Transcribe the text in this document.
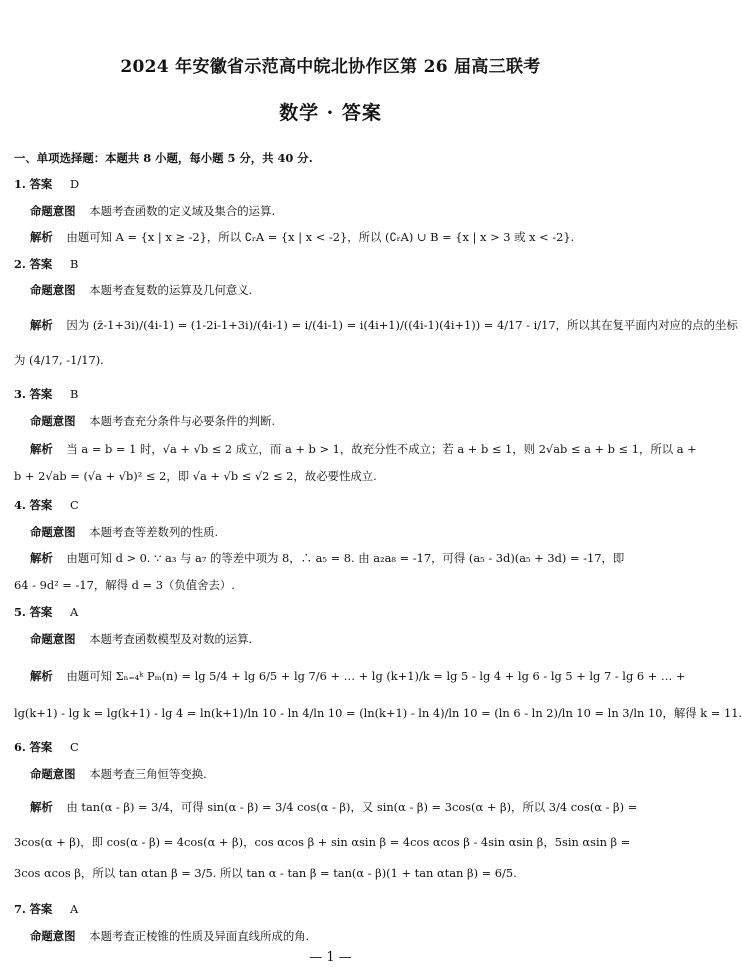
2024 年安徽省示范高中皖北协作区第 26 届高三联考
数学 · 答案
一、单项选择题：本题共 8 小题，每小题 5 分，共 40 分.
1. 答案 D
命题意图 本题考查函数的定义域及集合的运算.
解析 由题可知 A = {x | x ≥ -2}，所以 ∁ᵣA = {x | x < -2}，所以 (∁ᵣA) ∪ B = {x | x > 3 或 x < -2}.
2. 答案 B
命题意图 本题考查复数的运算及几何意义.
解析 因为 (z̄-1+3i)/(4i-1) = (1-2i-1+3i)/(4i-1) = i/(4i-1) = i(4i+1)/((4i-1)(4i+1)) = 4/17 - i/17，所以其在复平面内对应的点的坐标
为 (4/17, -1/17).
3. 答案 B
命题意图 本题考查充分条件与必要条件的判断.
解析 当 a = b = 1 时，√a + √b ≤ 2 成立，而 a + b > 1，故充分性不成立；若 a + b ≤ 1，则 2√ab ≤ a + b ≤ 1，所以 a +
b + 2√ab = (√a + √b)² ≤ 2，即 √a + √b ≤ √2 ≤ 2，故必要性成立.
4. 答案 C
命题意图 本题考查等差数列的性质.
解析 由题可知 d > 0. ∵ a₃ 与 a₇ 的等差中项为 8，∴ a₅ = 8. 由 a₂a₈ = -17，可得 (a₅ - 3d)(a₅ + 3d) = -17，即
64 - 9d² = -17，解得 d = 3（负值舍去）.
5. 答案 A
命题意图 本题考查函数模型及对数的运算.
解析 由题可知 Σₙ₌₄ᵏ Pₘ(n) = lg 5/4 + lg 6/5 + lg 7/6 + … + lg (k+1)/k = lg 5 - lg 4 + lg 6 - lg 5 + lg 7 - lg 6 + … +
lg(k+1) - lg k = lg(k+1) - lg 4 = ln(k+1)/ln 10 - ln 4/ln 10 = (ln(k+1) - ln 4)/ln 10 = (ln 6 - ln 2)/ln 10 = ln 3/ln 10，解得 k = 11.
6. 答案 C
命题意图 本题考查三角恒等变换.
解析 由 tan(α - β) = 3/4，可得 sin(α - β) = 3/4 cos(α - β)，又 sin(α - β) = 3cos(α + β)，所以 3/4 cos(α - β) =
3cos(α + β)，即 cos(α - β) = 4cos(α + β)，cos αcos β + sin αsin β = 4cos αcos β - 4sin αsin β，5sin αsin β =
3cos αcos β，所以 tan αtan β = 3/5. 所以 tan α - tan β = tan(α - β)(1 + tan αtan β) = 6/5.
7. 答案 A
命题意图 本题考查正棱锥的性质及异面直线所成的角.
— 1 —
